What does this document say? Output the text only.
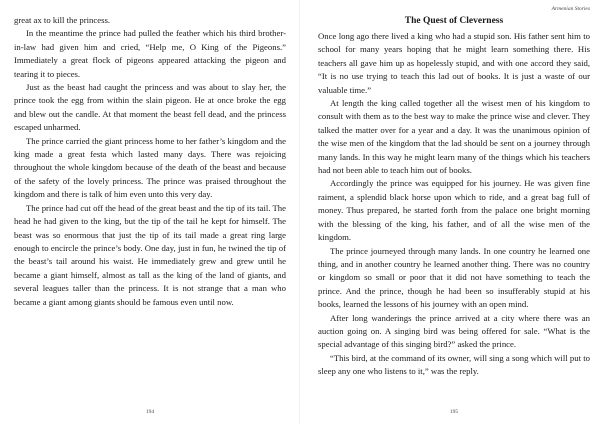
great ax to kill the princess.

In the meantime the prince had pulled the feather which his third brother-in-law had given him and cried, “Help me, O King of the Pigeons.” Immediately a great flock of pigeons appeared attacking the pigeon and tearing it to pieces.

Just as the beast had caught the princess and was about to slay her, the prince took the egg from within the slain pigeon. He at once broke the egg and blew out the candle. At that moment the beast fell dead, and the princess escaped unharmed.

The prince carried the giant princess home to her father’s kingdom and the king made a great festa which lasted many days. There was rejoicing throughout the whole kingdom because of the death of the beast and because of the safety of the lovely princess. The prince was praised throughout the kingdom and there is talk of him even unto this very day.

The prince had cut off the head of the great beast and the tip of its tail. The head he had given to the king, but the tip of the tail he kept for himself. The beast was so enormous that just the tip of its tail made a great ring large enough to encircle the prince’s body. One day, just in fun, he twined the tip of the beast’s tail around his waist. He immediately grew and grew until he became a giant himself, almost as tall as the king of the land of giants, and several leagues taller than the princess. It is not strange that a man who became a giant among giants should be famous even until now.

194
Armenian Stories
The Quest of Cleverness

Once long ago there lived a king who had a stupid son. His father sent him to school for many years hoping that he might learn something there. His teachers all gave him up as hopelessly stupid, and with one accord they said, “It is no use trying to teach this lad out of books. It is just a waste of our valuable time.”

At length the king called together all the wisest men of his kingdom to consult with them as to the best way to make the prince wise and clever. They talked the matter over for a year and a day. It was the unanimous opinion of the wise men of the kingdom that the lad should be sent on a journey through many lands. In this way he might learn many of the things which his teachers had not been able to teach him out of books.

Accordingly the prince was equipped for his journey. He was given fine raiment, a splendid black horse upon which to ride, and a great bag full of money. Thus prepared, he started forth from the palace one bright morning with the blessing of the king, his father, and of all the wise men of the kingdom.

The prince journeyed through many lands. In one country he learned one thing, and in another country he learned another thing. There was no country or kingdom so small or poor that it did not have something to teach the prince. And the prince, though he had been so insufferably stupid at his books, learned the lessons of his journey with an open mind.

After long wanderings the prince arrived at a city where there was an auction going on. A singing bird was being offered for sale. “What is the special advantage of this singing bird?” asked the prince.

“This bird, at the command of its owner, will sing a song which will put to sleep any one who listens to it,” was the reply.

195
